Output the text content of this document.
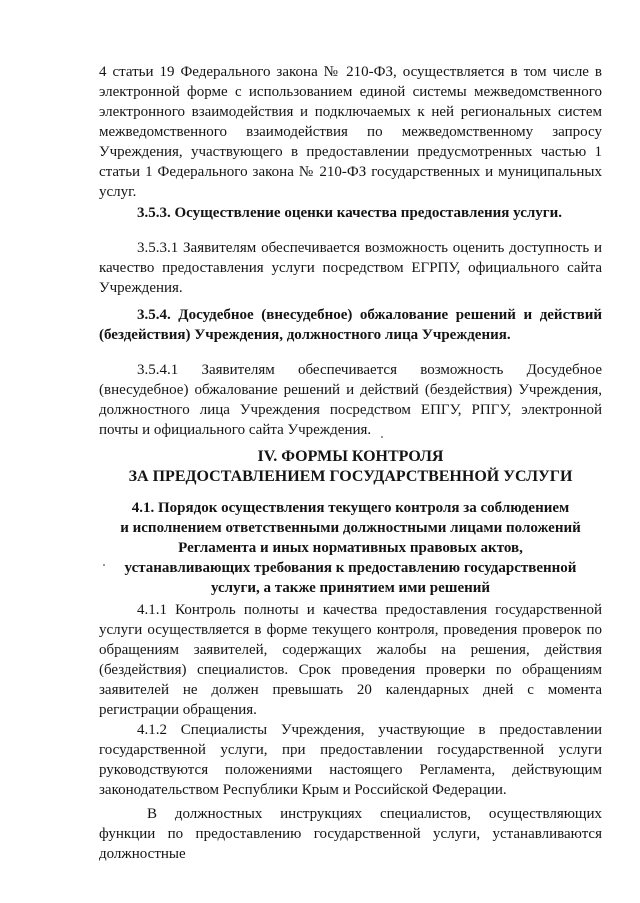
4 статьи 19 Федерального закона № 210-ФЗ, осуществляется в том числе в электронной форме с использованием единой системы межведомственного электронного взаимодействия и подключаемых к ней региональных систем межведомственного взаимодействия по межведомственному запросу Учреждения, участвующего в предоставлении предусмотренных частью 1 статьи 1 Федерального закона № 210-ФЗ государственных и муниципальных услуг.

3.5.3. Осуществление оценки качества предоставления услуги.

3.5.3.1 Заявителям обеспечивается возможность оценить доступность и качество предоставления услуги посредством ЕГРПУ, официального сайта Учреждения.

3.5.4. Досудебное (внесудебное) обжалование решений и действий (бездействия) Учреждения, должностного лица Учреждения.

3.5.4.1 Заявителям обеспечивается возможность Досудебное (внесудебное) обжалование решений и действий (бездействия) Учреждения, должностного лица Учреждения посредством ЕПГУ, РПГУ, электронной почты и официального сайта Учреждения.

IV. ФОРМЫ КОНТРОЛЯ
ЗА ПРЕДОСТАВЛЕНИЕМ ГОСУДАРСТВЕННОЙ УСЛУГИ
4.1. Порядок осуществления текущего контроля за соблюдением
и исполнением ответственными должностными лицами положений
Регламента и иных нормативных правовых актов,
устанавливающих требования к предоставлению государственной
услуги, а также принятием ими решений

4.1.1 Контроль полноты и качества предоставления государственной услуги осуществляется в форме текущего контроля, проведения проверок по обращениям заявителей, содержащих жалобы на решения, действия (бездействия) специалистов. Срок проведения проверки по обращениям заявителей не должен превышать 20 календарных дней с момента регистрации обращения.

4.1.2 Специалисты Учреждения, участвующие в предоставлении государственной услуги, при предоставлении государственной услуги руководствуются положениями настоящего Регламента, действующим законодательством Республики Крым и Российской Федерации.

В должностных инструкциях специалистов, осуществляющих функции по предоставлению государственной услуги, устанавливаются должностные
